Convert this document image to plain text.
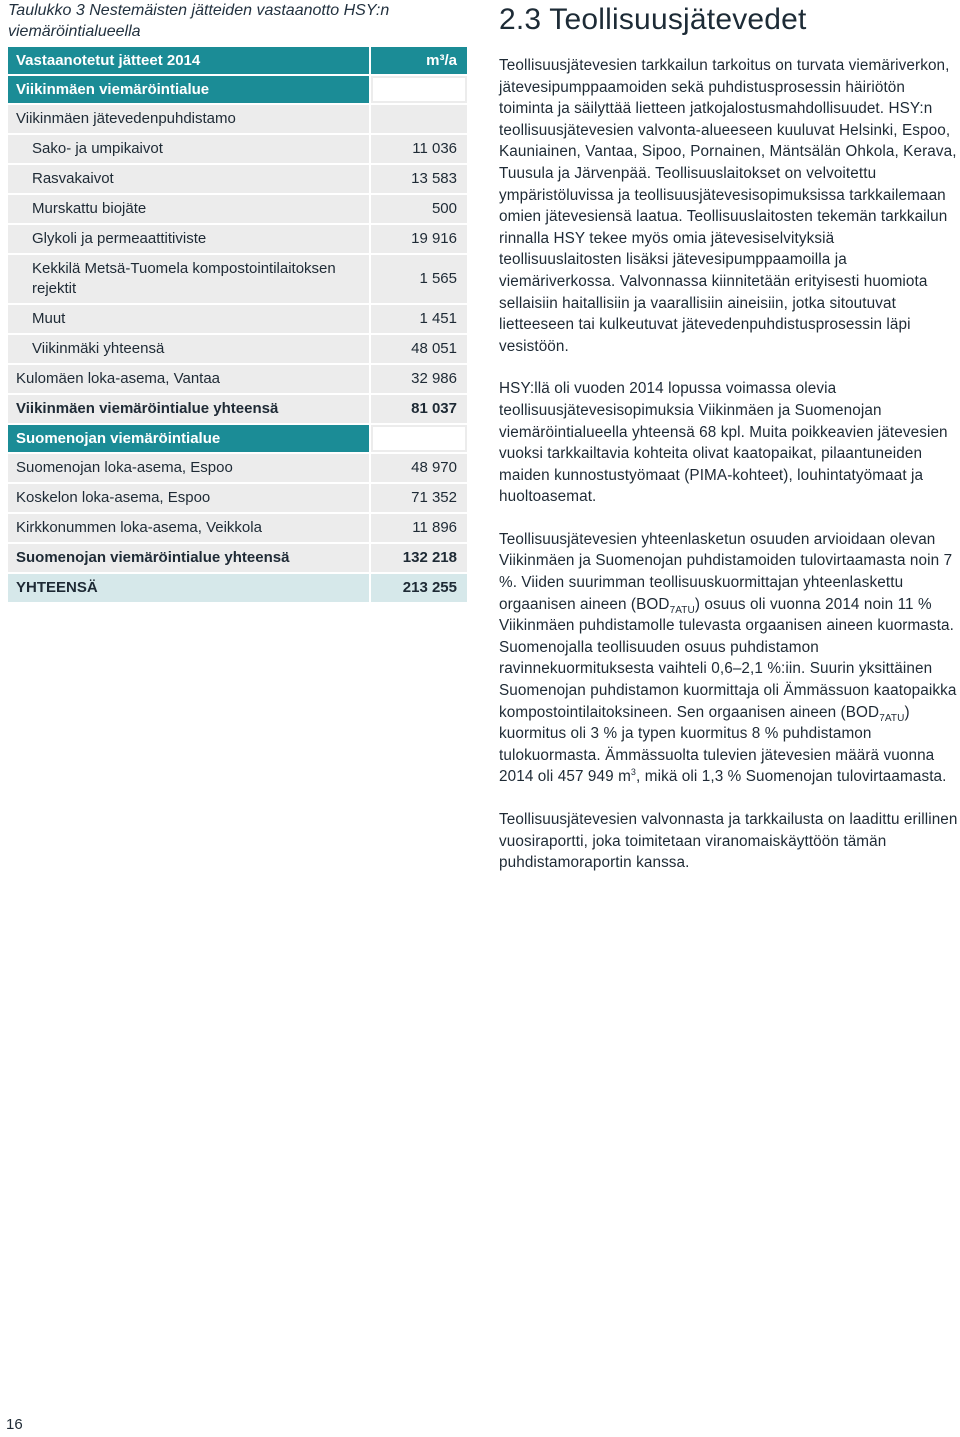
Taulukko 3 Nestemäisten jätteiden vastaanotto HSY:n viemäröintialueella
Vastaanotetut jätteet 2014	m³/a
Viikinmäen viemäröintialue	
Viikinmäen jätevedenpuhdistamo	
Sako- ja umpikaivot	11 036
Rasvakaivot	13 583
Murskattu biojäte	500
Glykoli ja permeaattitiviste	19 916
Kekkilä Metsä-Tuomela kompostointilaitoksen rejektit	1 565
Muut	1 451
Viikinmäki yhteensä	48 051
Kulomäen loka-asema, Vantaa	32 986
Viikinmäen viemäröintialue yhteensä	81 037
Suomenojan viemäröintialue	
Suomenojan loka-asema, Espoo	48 970
Koskelon loka-asema, Espoo	71 352
Kirkkonummen loka-asema, Veikkola	11 896
Suomenojan viemäröintialue yhteensä	132 218
YHTEENSÄ	213 255
2.3 Teollisuusjätevedet

Teollisuusjätevesien tarkkailun tarkoitus on turvata viemäriverkon, jätevesipumppaamoiden sekä puhdistusprosessin häiriötön toiminta ja säilyttää lietteen jatkojalostusmahdollisuudet. HSY:n teollisuusjätevesien valvonta-alueeseen kuuluvat Helsinki, Espoo, Kauniainen, Vantaa, Sipoo, Pornainen, Mäntsälän Ohkola, Kerava, Tuusula ja Järvenpää. Teollisuuslaitokset on velvoitettu ympäristöluvissa ja teollisuusjätevesisopimuksissa tarkkailemaan omien jätevesiensä laatua. Teollisuuslaitosten tekemän tarkkailun rinnalla HSY tekee myös omia jätevesiselvityksiä teollisuuslaitosten lisäksi jätevesipumppaamoilla ja viemäriverkossa. Valvonnassa kiinnitetään erityisesti huomiota sellaisiin haitallisiin ja vaarallisiin aineisiin, jotka sitoutuvat lietteeseen tai kulkeutuvat jätevedenpuhdistusprosessin läpi vesistöön.

HSY:llä oli vuoden 2014 lopussa voimassa olevia teollisuusjätevesisopimuksia Viikinmäen ja Suomenojan viemäröintialueella yhteensä 68 kpl. Muita poikkeavien jätevesien vuoksi tarkkailtavia kohteita olivat kaatopaikat, pilaantuneiden maiden kunnostustyömaat (PIMA-kohteet), louhintatyömaat ja huoltoasemat.

Teollisuusjätevesien yhteenlasketun osuuden arvioidaan olevan Viikinmäen ja Suomenojan puhdistamoiden tulovirtaamasta noin 7 %. Viiden suurimman teollisuuskuormittajan yhteenlaskettu orgaanisen aineen $(BOD_{7ATU})$ osuus oli vuonna 2014 noin 11 % Viikinmäen puhdistamolle tulevasta orgaanisen aineen kuormasta. Suomenojalla teollisuuden osuus puhdistamon ravinnekuormituksesta vaihteli 0,6–2,1 %:iin. Suurin yksittäinen Suomenojan puhdistamon kuormittaja oli Ämmässuon kaatopaikka kompostointilaitoksineen. Sen orgaanisen aineen $(BOD_{7ATU})$ kuormitus oli 3 % ja typen kuormitus 8 % puhdistamon tulokuormasta. Ämmässuolta tulevien jätevesien määrä vuonna 2014 oli 457 949 $m^3$, mikä oli 1,3 % Suomenojan tulovirtaamasta.

Teollisuusjätevesien valvonnasta ja tarkkailusta on laadittu erillinen vuosiraportti, joka toimitetaan viranomaiskäyttöön tämän puhdistamoraportin kanssa.

16
